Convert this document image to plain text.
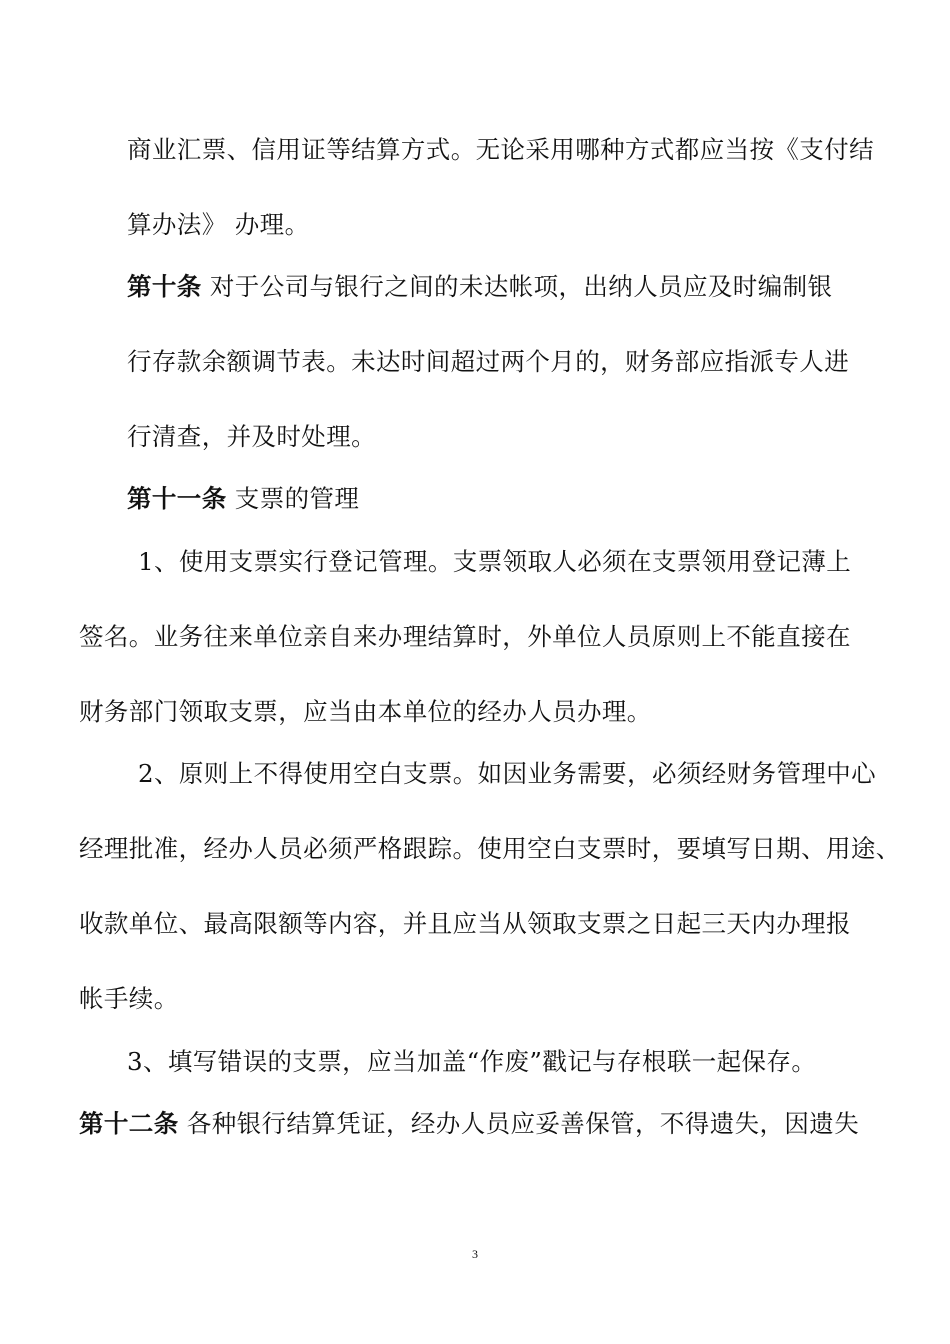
商业汇票、信用证等结算方式。无论采用哪种方式都应当按《支付结
算办法》 办理。
第十条 对于公司与银行之间的未达帐项，出纳人员应及时编制银
行存款余额调节表。未达时间超过两个月的，财务部应指派专人进
行清查，并及时处理。
第十一条 支票的管理
1、使用支票实行登记管理。支票领取人必须在支票领用登记薄上
签名。业务往来单位亲自来办理结算时，外单位人员原则上不能直接在
财务部门领取支票，应当由本单位的经办人员办理。
2、原则上不得使用空白支票。如因业务需要，必须经财务管理中心
经理批准，经办人员必须严格跟踪。使用空白支票时，要填写日期、用途、
收款单位、最高限额等内容，并且应当从领取支票之日起三天内办理报
帐手续。
3、填写错误的支票，应当加盖“作废”戳记与存根联一起保存。
第十二条 各种银行结算凭证，经办人员应妥善保管，不得遗失，因遗失
3
